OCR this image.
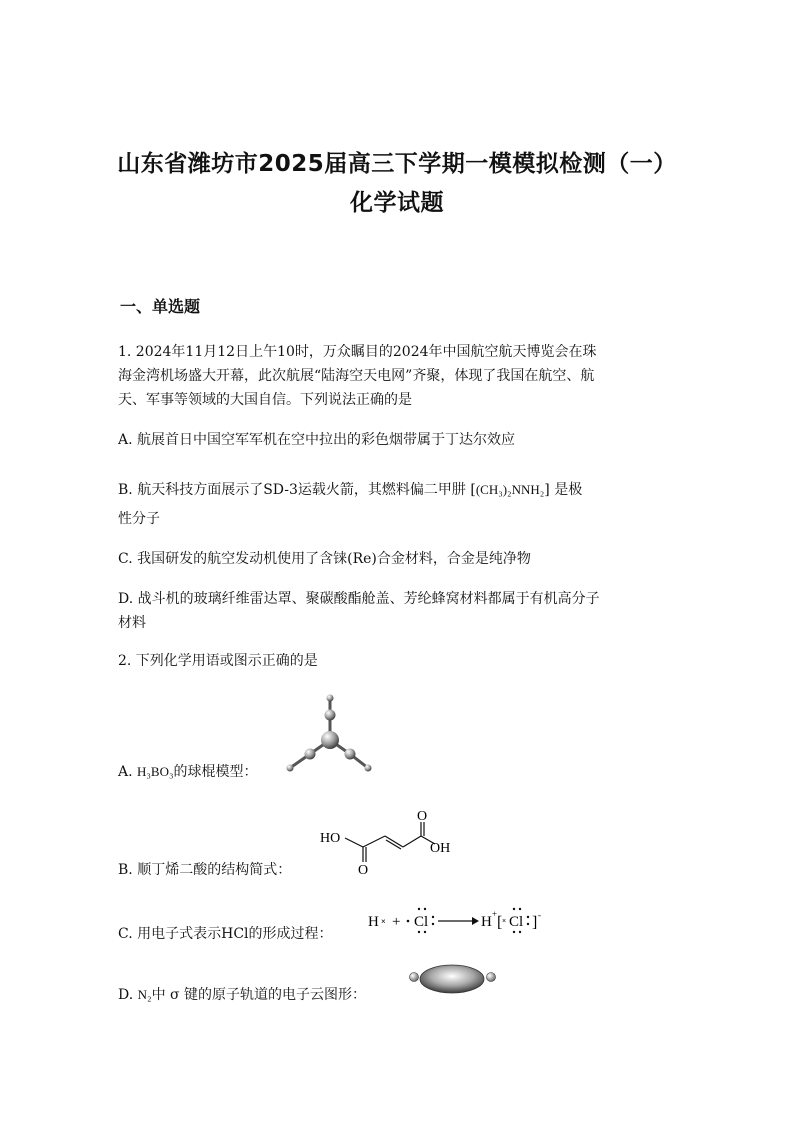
山东省潍坊市2025届高三下学期一模模拟检测（一）
化学试题
一、单选题
1. 2024年11月12日上午10时，万众瞩目的2024年中国航空航天博览会在珠
海金湾机场盛大开幕，此次航展“陆海空天电网”齐聚，体现了我国在航空、航
天、军事等领域的大国自信。下列说法正确的是
A. 航展首日中国空军军机在空中拉出的彩色烟带属于丁达尔效应
B. 航天科技方面展示了SD-3运载火箭，其燃料偏二甲肼 [(CH₃)₂NNH₂] 是极
性分子
C. 我国研发的航空发动机使用了含铼(Re)合金材料，合金是纯净物
D. 战斗机的玻璃纤维雷达罩、聚碳酸酯舱盖、芳纶蜂窝材料都属于有机高分子
材料
2. 下列化学用语或图示正确的是
A. H₃BO₃的球棍模型：
B. 顺丁烯二酸的结构简式：
HO
O
O
OH
C. 用电子式表示HCl的形成过程：
H × + Cl	H + [ × Cl ] -
D. N₂中 σ 键的原子轨道的电子云图形：
